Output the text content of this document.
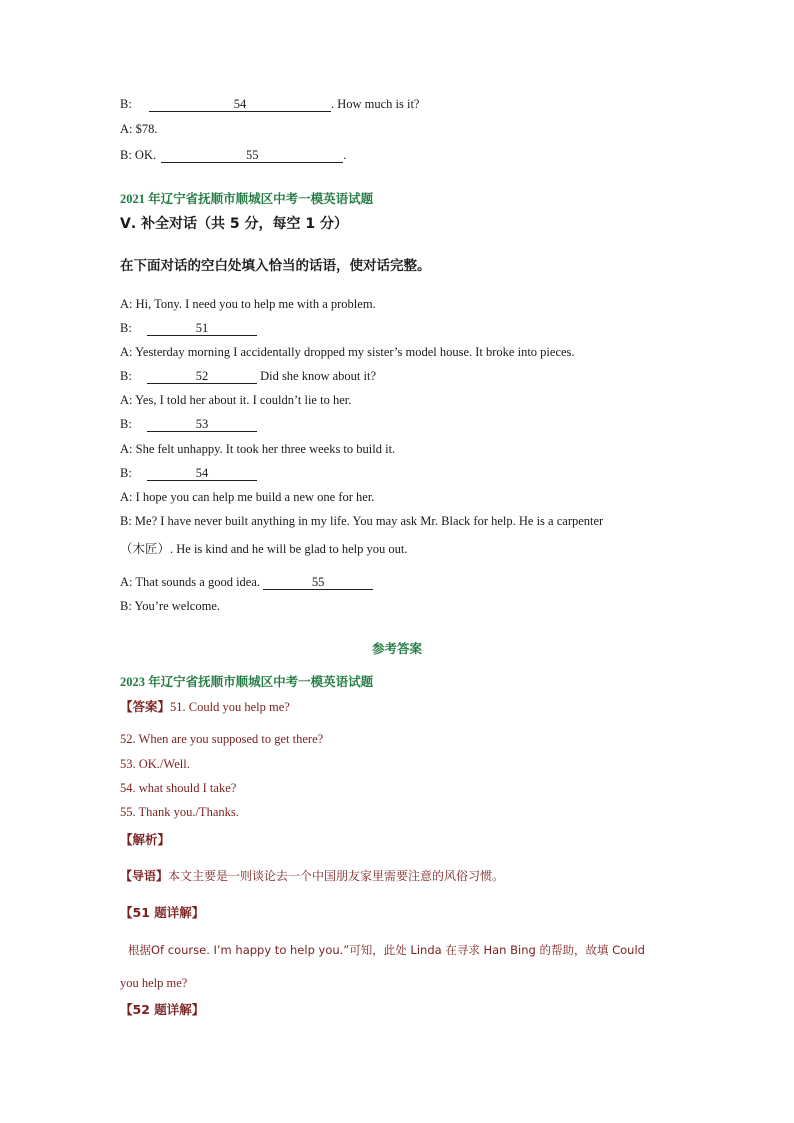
B:	54	. How much is it?
A: $78.
B: OK.	55	.
2021 年辽宁省抚顺市顺城区中考一模英语试题
Ⅴ. 补全对话（共 5 分，每空 1 分）
在下面对话的空白处填入恰当的话语，使对话完整。
A: Hi, Tony. I need you to help me with a problem.
B:	51
A: Yesterday morning I accidentally dropped my sister’s model house. It broke into pieces.
B:	52	Did she know about it?
A: Yes, I told her about it. I couldn’t lie to her.
B:	53
A: She felt unhappy. It took her three weeks to build it.
B:	54
A: I hope you can help me build a new one for her.
B: Me? I have never built anything in my life. You may ask Mr. Black for help. He is a carpenter
（木匠）. He is kind and he will be glad to help you out.
A: That sounds a good idea.	55
B: You’re welcome.
参考答案
2023 年辽宁省抚顺市顺城区中考一模英语试题
【答案】51. Could you help me?
52. When are you supposed to get there?
53. OK./Well.
54. what should I take?
55. Thank you./Thanks.
【解析】
【导语】本文主要是一则谈论去一个中国朋友家里需要注意的风俗习惯。
【51 题详解】
根据Of course. I’m happy to help you.”可知，此处 Linda 在寻求 Han Bing 的帮助，故填 Could
you help me?
【52 题详解】
